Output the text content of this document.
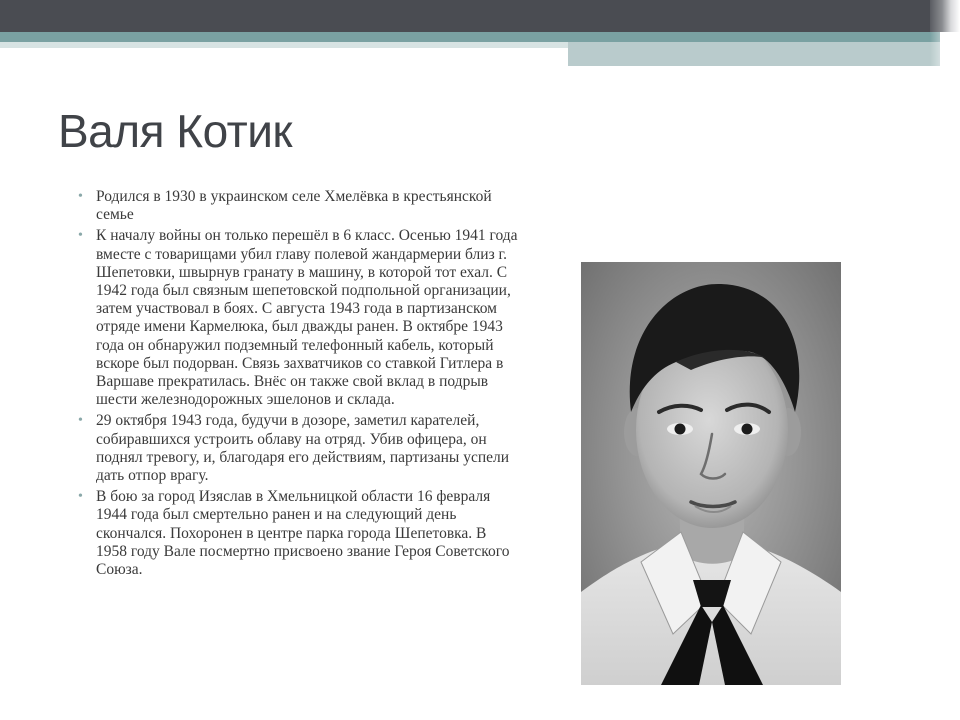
Валя Котик
• Родился в 1930 в украинском селе Хмелёвка в крестьянской семье
• К началу войны он только перешёл в 6 класс. Осенью 1941 года вместе с товарищами убил главу полевой жандармерии близ г. Шепетовки, швырнув гранату в машину, в которой тот ехал. С 1942 года был связным шепетовской подпольной организации, затем участвовал в боях. С августа 1943 года в партизанском отряде имени Кармелюка, был дважды ранен. В октябре 1943 года он обнаружил подземный телефонный кабель, который вскоре был подорван. Связь захватчиков со ставкой Гитлера в Варшаве прекратилась. Внёс он также свой вклад в подрыв шести железнодорожных эшелонов и склада.
• 29 октября 1943 года, будучи в дозоре, заметил карателей, собиравшихся устроить облаву на отряд. Убив офицера, он поднял тревогу, и, благодаря его действиям, партизаны успели дать отпор врагу.
• В бою за город Изяслав в Хмельницкой области 16 февраля 1944 года был смертельно ранен и на следующий день скончался. Похоронен в центре парка города Шепетовка. В 1958 году Вале посмертно присвоено звание Героя Советского Союза.
